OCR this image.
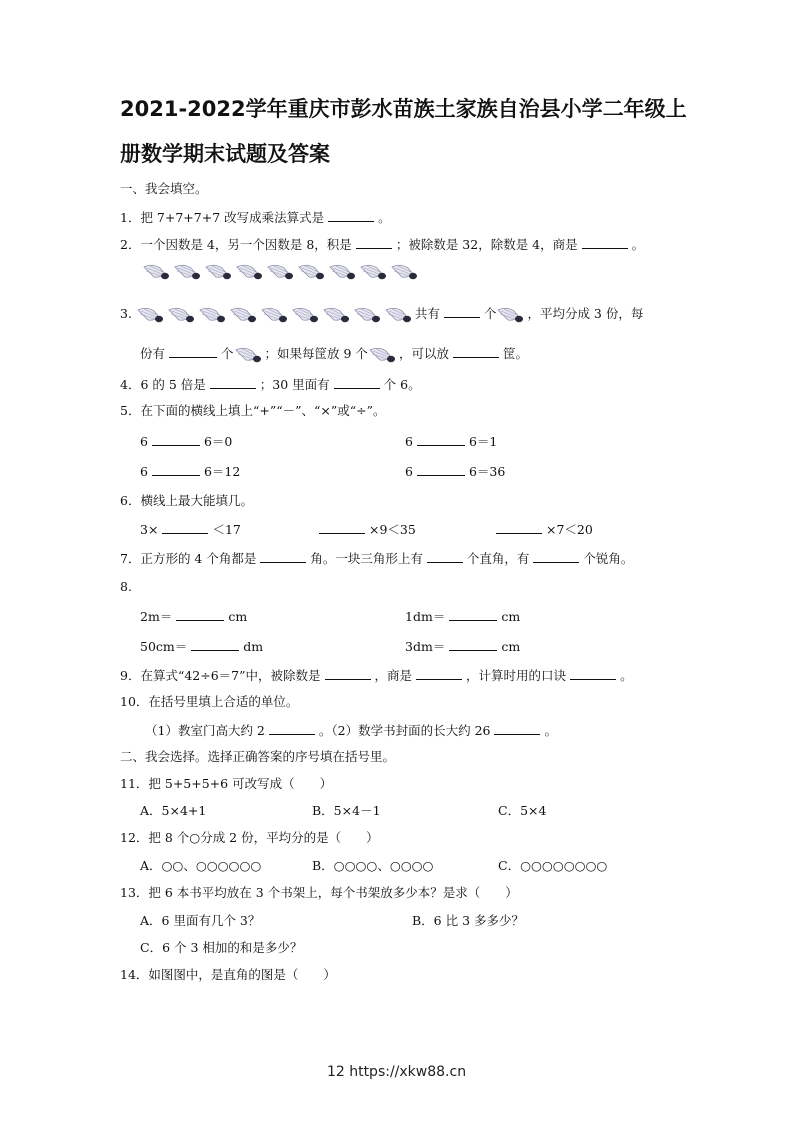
2021-2022学年重庆市彭水苗族土家族自治县小学二年级上
册数学期末试题及答案
一、我会填空。
1．把 7+7+7+7 改写成乘法算式是	。
2．一个因数是 4，另一个因数是 8，积是	；被除数是 32，除数是 4，商是	。
3.	共有	个 ，平均分成 3 份，每
份有	个 ；如果每筐放 9 个 ，可以放	筐。
4．6 的 5 倍是	；30 里面有	个 6。
5．在下面的横线上填上“+”“－”、“×”或“÷”。
6	6＝0	6	6＝1
6	6＝12	6	6＝36
6．横线上最大能填几。
3×	＜17	×9＜35	×7＜20
7．正方形的 4 个角都是	角。一块三角形上有	个直角，有	个锐角。
8.
2m＝	cm	1dm＝	cm
50cm＝	dm	3dm＝	cm
9．在算式“42÷6＝7”中，被除数是	，商是	，计算时用的口诀	。
10．在括号里填上合适的单位。
（1）教室门高大约 2	。（2）数学书封面的长大约 26	。
二、我会选择。选择正确答案的序号填在括号里。
11．把 5+5+5+6 可改写成（　　）
A．5×4+1	B．5×4－1	C．5×4
12．把 8 个○分成 2 份，平均分的是（　　）
A．○○、○○○○○○	B．○○○○、○○○○	C．○○○○○○○○
13．把 6 本书平均放在 3 个书架上，每个书架放多少本？是求（　　）
A．6 里面有几个 3？	B．6 比 3 多多少？
C．6 个 3 相加的和是多少？
14．如图图中，是直角的图是（　　）
12 https://xkw88.cn
